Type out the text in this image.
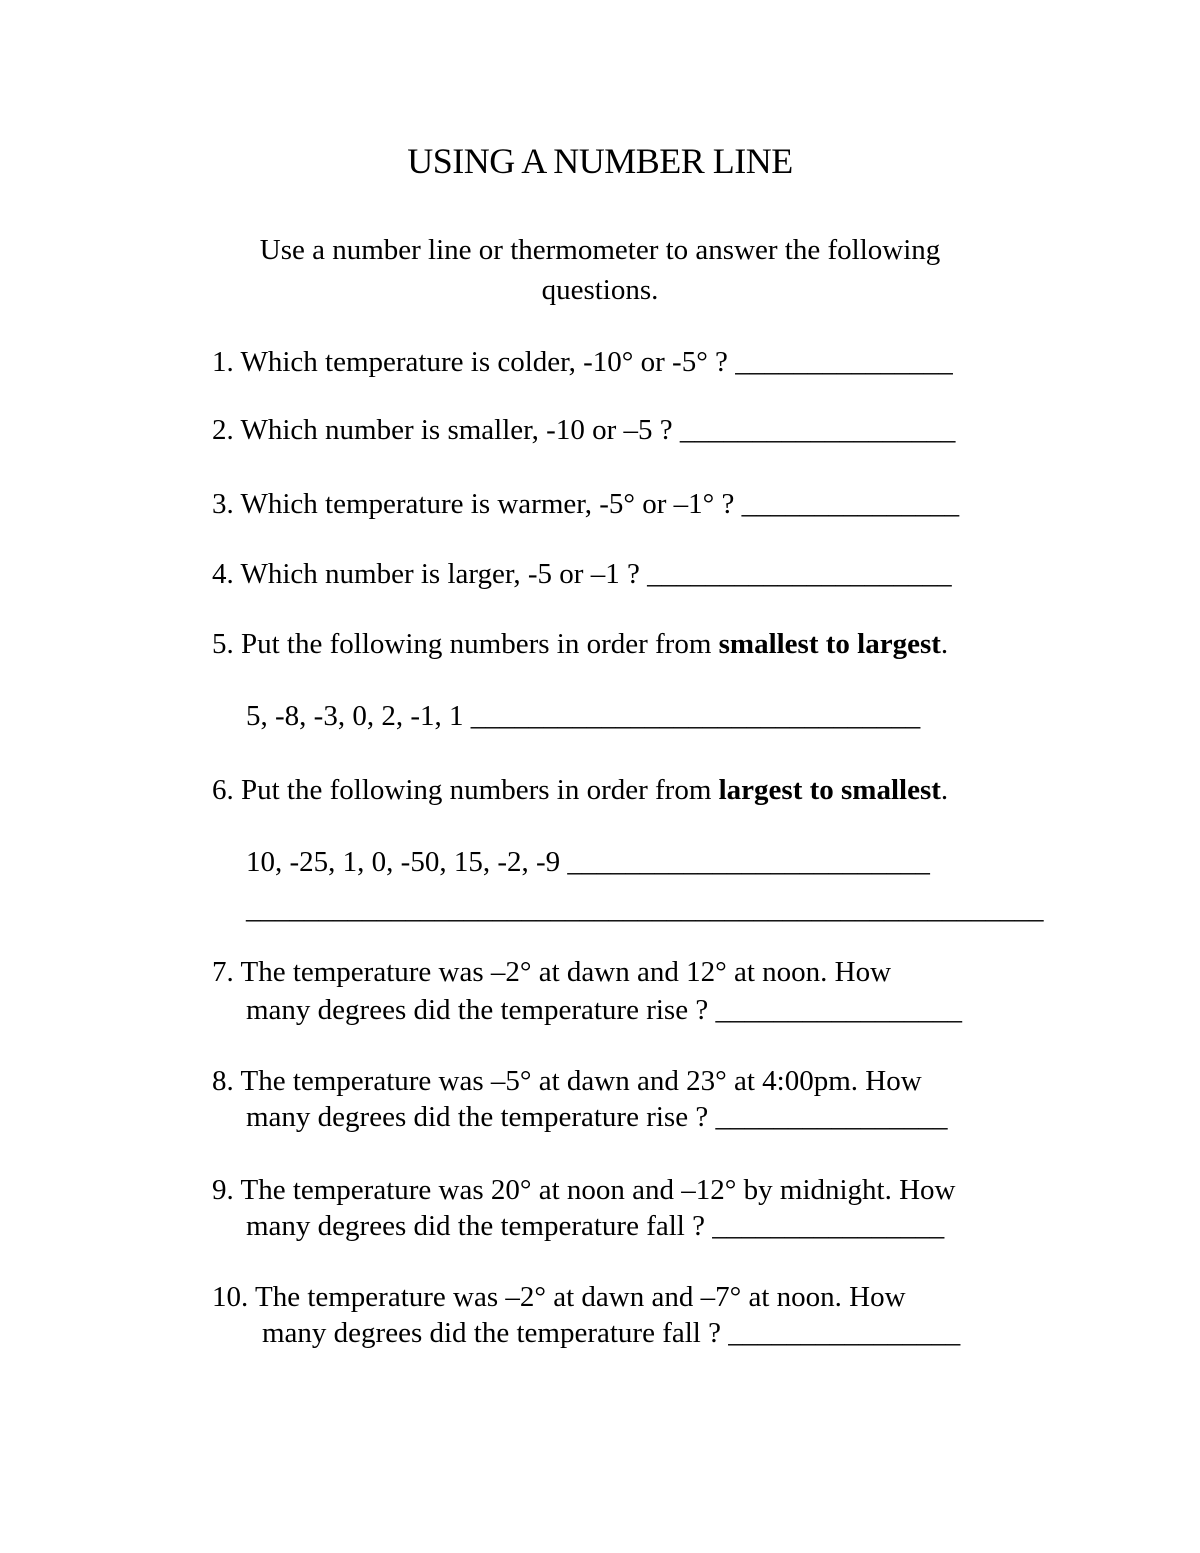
USING A NUMBER LINE
Use a number line or thermometer to answer the following questions.
1. Which temperature is colder, -10° or -5° ? _______________
2. Which number is smaller, -10 or –5 ? ___________________
3. Which temperature is warmer, -5° or –1° ? _______________
4. Which number is larger, -5 or –1 ? _____________________
5. Put the following numbers in order from smallest to largest.
5, -8, -3, 0, 2, -1, 1 _______________________________
6. Put the following numbers in order from largest to smallest.
10, -25, 1, 0, -50, 15, -2, -9 _________________________
_______________________________________________________
7. The temperature was –2° at dawn and 12° at noon. How
many degrees did the temperature rise ? _________________
8. The temperature was –5° at dawn and 23° at 4:00pm. How
many degrees did the temperature rise ? ________________
9. The temperature was 20° at noon and –12° by midnight. How
many degrees did the temperature fall ? ________________
10. The temperature was –2° at dawn and –7° at noon. How
many degrees did the temperature fall ? ________________
